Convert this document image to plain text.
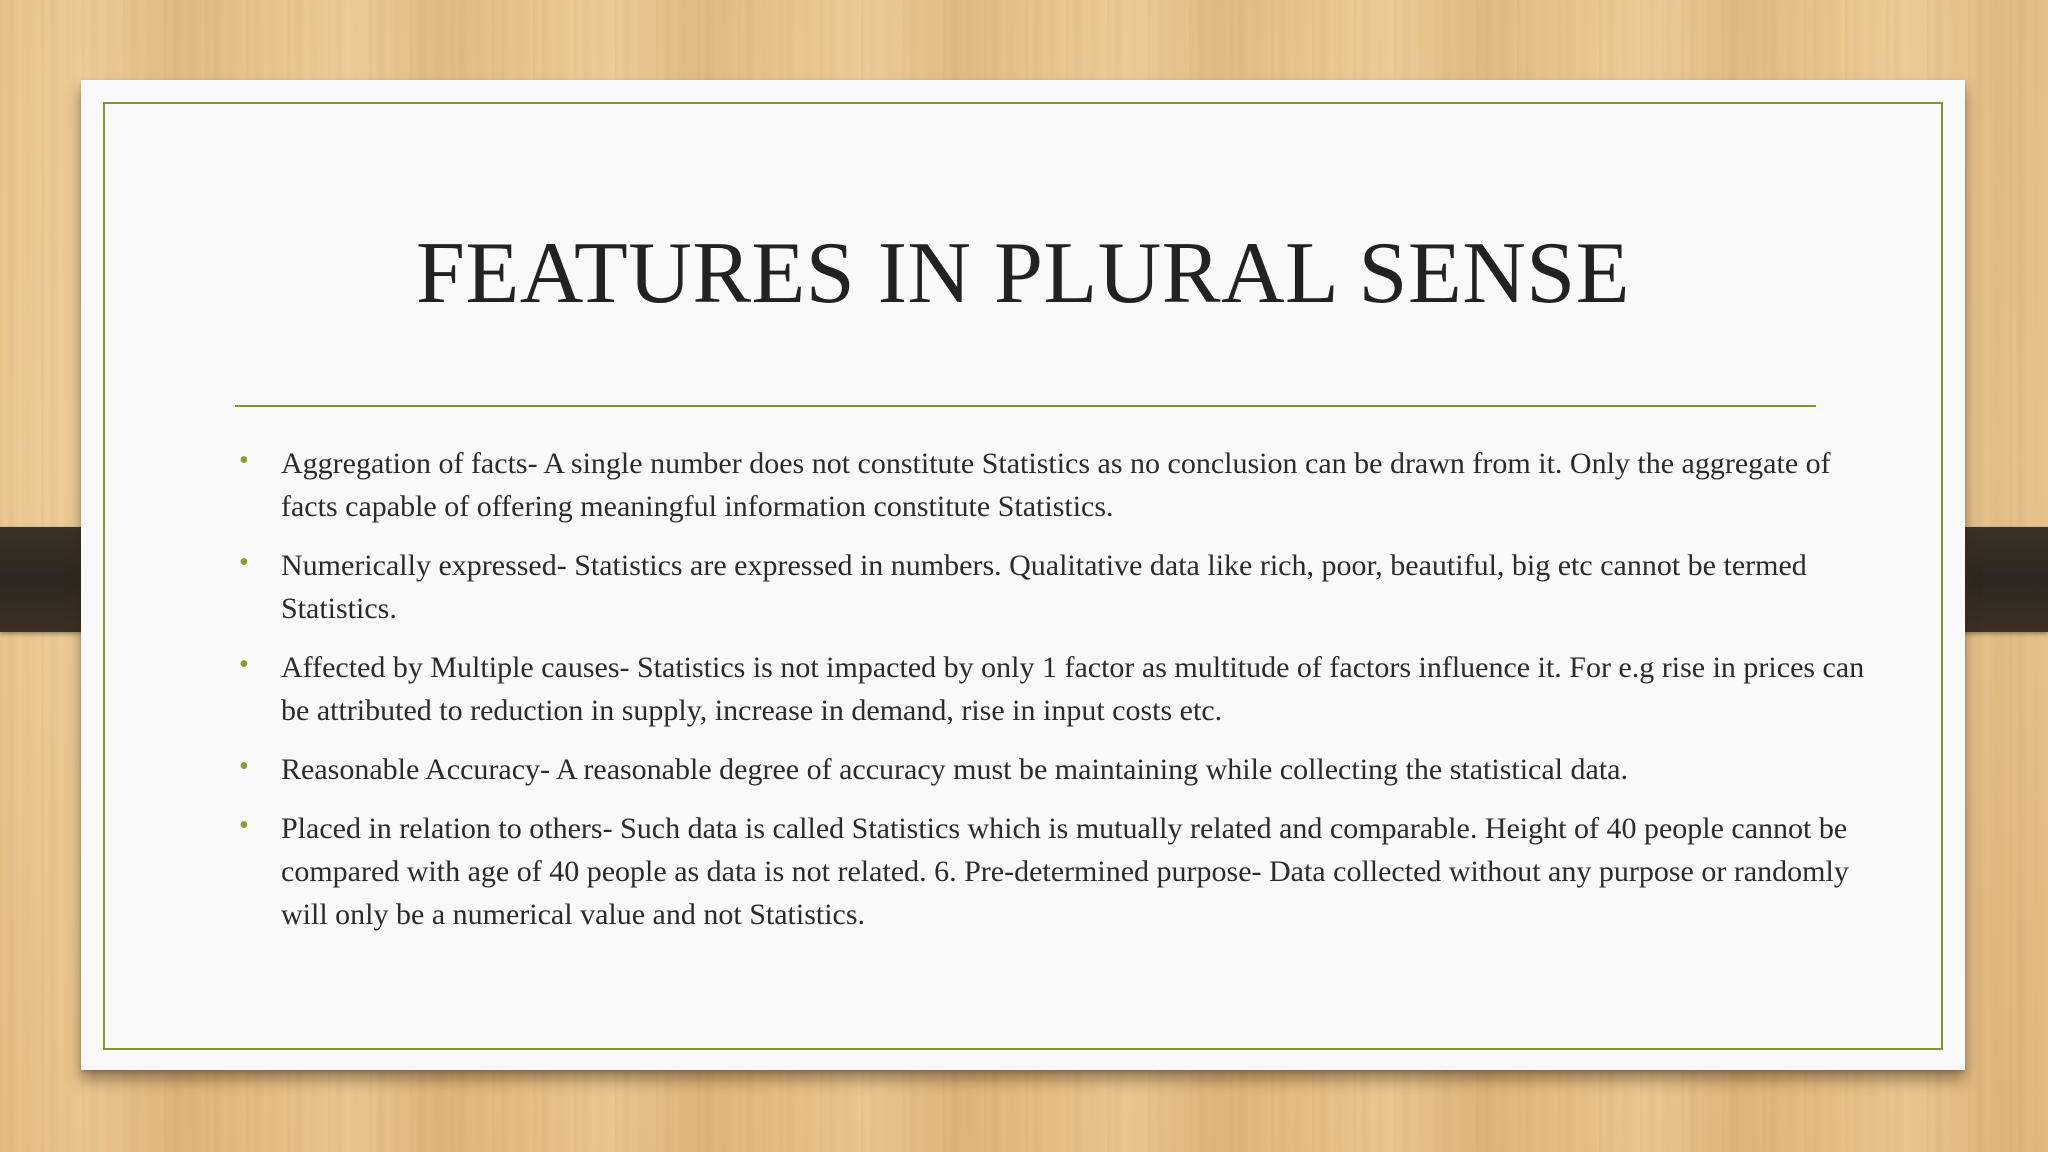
FEATURES IN PLURAL SENSE
• Aggregation of facts- A single number does not constitute Statistics as no conclusion can be drawn from it. Only the aggregate of facts capable of offering meaningful information constitute Statistics.
• Numerically expressed- Statistics are expressed in numbers. Qualitative data like rich, poor, beautiful, big etc cannot be termed Statistics.
• Affected by Multiple causes- Statistics is not impacted by only 1 factor as multitude of factors influence it. For e.g rise in prices can be attributed to reduction in supply, increase in demand, rise in input costs etc.
• Reasonable Accuracy- A reasonable degree of accuracy must be maintaining while collecting the statistical data.
• Placed in relation to others- Such data is called Statistics which is mutually related and comparable. Height of 40 people cannot be compared with age of 40 people as data is not related. 6. Pre-determined purpose- Data collected without any purpose or randomly will only be a numerical value and not Statistics.
